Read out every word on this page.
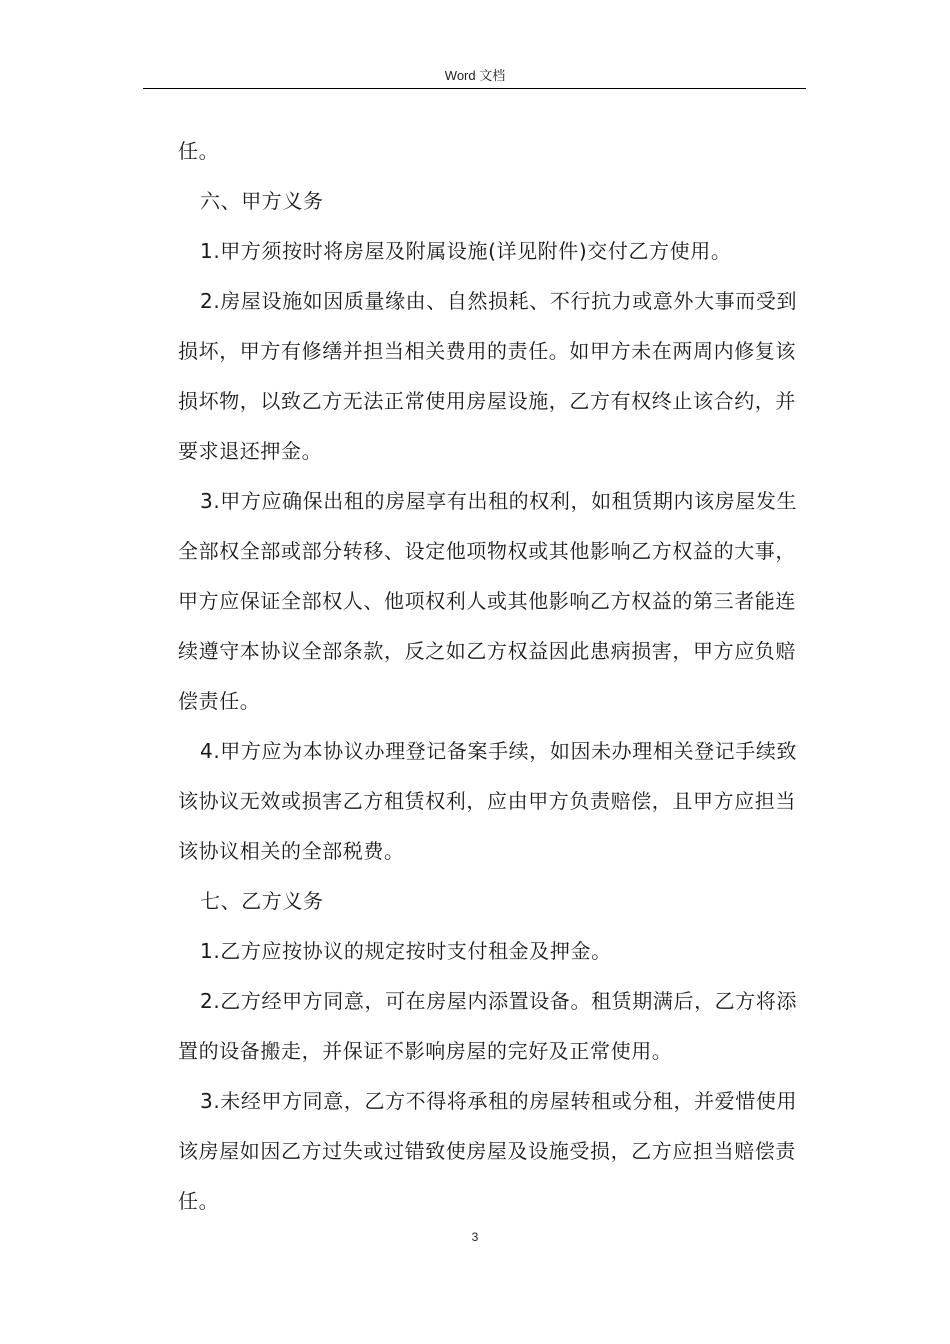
Word 文档

任。

六、甲方义务

1.甲方须按时将房屋及附属设施(详见附件)交付乙方使用。

2.房屋设施如因质量缘由、自然损耗、不行抗力或意外大事而受到损坏，甲方有修缮并担当相关费用的责任。如甲方未在两周内修复该损坏物，以致乙方无法正常使用房屋设施，乙方有权终止该合约，并要求退还押金。

3.甲方应确保出租的房屋享有出租的权利，如租赁期内该房屋发生全部权全部或部分转移、设定他项物权或其他影响乙方权益的大事，甲方应保证全部权人、他项权利人或其他影响乙方权益的第三者能连续遵守本协议全部条款，反之如乙方权益因此患病损害，甲方应负赔偿责任。

4.甲方应为本协议办理登记备案手续，如因未办理相关登记手续致该协议无效或损害乙方租赁权利，应由甲方负责赔偿，且甲方应担当该协议相关的全部税费。

七、乙方义务

1.乙方应按协议的规定按时支付租金及押金。

2.乙方经甲方同意，可在房屋内添置设备。租赁期满后，乙方将添置的设备搬走，并保证不影响房屋的完好及正常使用。

3.未经甲方同意，乙方不得将承租的房屋转租或分租，并爱惜使用该房屋如因乙方过失或过错致使房屋及设施受损，乙方应担当赔偿责任。

3
